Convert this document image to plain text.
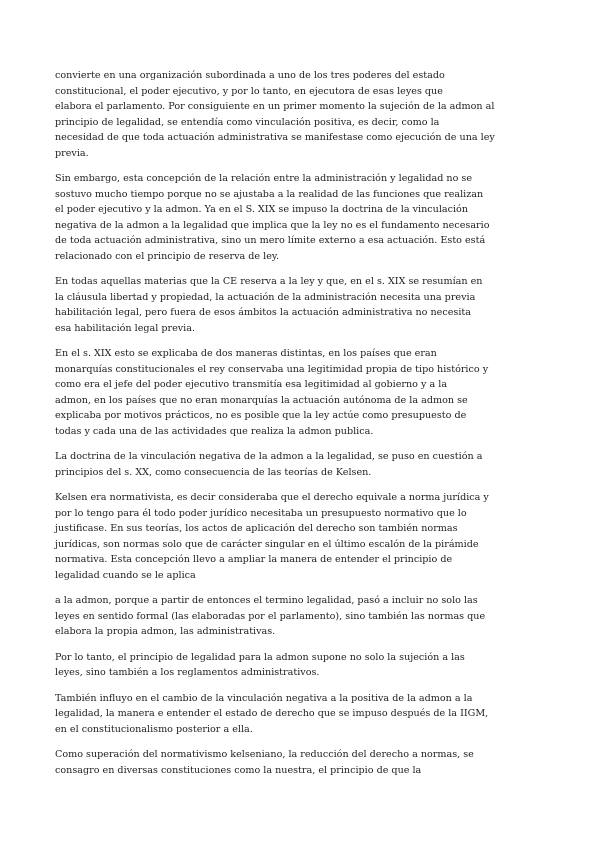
convierte en una organización subordinada a uno de los tres poderes del estado
constitucional, el poder ejecutivo, y por lo tanto, en ejecutora de esas leyes que
elabora el parlamento. Por consiguiente en un primer momento la sujeción de la admon al
principio de legalidad, se entendía como vinculación positiva, es decir, como la
necesidad de que toda actuación administrativa se manifestase como ejecución de una ley
previa.

Sin embargo, esta concepción de la relación entre la administración y legalidad no se
sostuvo mucho tiempo porque no se ajustaba a la realidad de las funciones que realizan
el poder ejecutivo y la admon. Ya en el S. XIX se impuso la doctrina de la vinculación
negativa de la admon a la legalidad que implica que la ley no es el fundamento necesario
de toda actuación administrativa, sino un mero límite externo a esa actuación. Esto está
relacionado con el principio de reserva de ley.

En todas aquellas materias que la CE reserva a la ley y que, en el s. XIX se resumían en
la cláusula libertad y propiedad, la actuación de la administración necesita una previa
habilitación legal, pero fuera de esos ámbitos la actuación administrativa no necesita
esa habilitación legal previa.

En el s. XIX esto se explicaba de dos maneras distintas, en los países que eran
monarquías constitucionales el rey conservaba una legitimidad propia de tipo histórico y
como era el jefe del poder ejecutivo transmitía esa legitimidad al gobierno y a la
admon, en los países que no eran monarquías la actuación autónoma de la admon se
explicaba por motivos prácticos, no es posible que la ley actúe como presupuesto de
todas y cada una de las actividades que realiza la admon publica.

La doctrina de la vinculación negativa de la admon a la legalidad, se puso en cuestión a
principios del s. XX, como consecuencia de las teorías de Kelsen.

Kelsen era normativista, es decir consideraba que el derecho equivale a norma jurídica y
por lo tengo para él todo poder jurídico necesitaba un presupuesto normativo que lo
justificase. En sus teorías, los actos de aplicación del derecho son también normas
jurídicas, son normas solo que de carácter singular en el último escalón de la pirámide
normativa. Esta concepción llevo a ampliar la manera de entender el principio de
legalidad cuando se le aplica

a la admon, porque a partir de entonces el termino legalidad, pasó a incluir no solo las
leyes en sentido formal (las elaboradas por el parlamento), sino también las normas que
elabora la propia admon, las administrativas.

Por lo tanto, el principio de legalidad para la admon supone no solo la sujeción a las
leyes, sino también a los reglamentos administrativos.

También influyo en el cambio de la vinculación negativa a la positiva de la admon a la
legalidad, la manera e entender el estado de derecho que se impuso después de la IIGM,
en el constitucionalismo posterior a ella.

Como superación del normativismo kelseniano, la reducción del derecho a normas, se
consagro en diversas constituciones como la nuestra, el principio de que la
